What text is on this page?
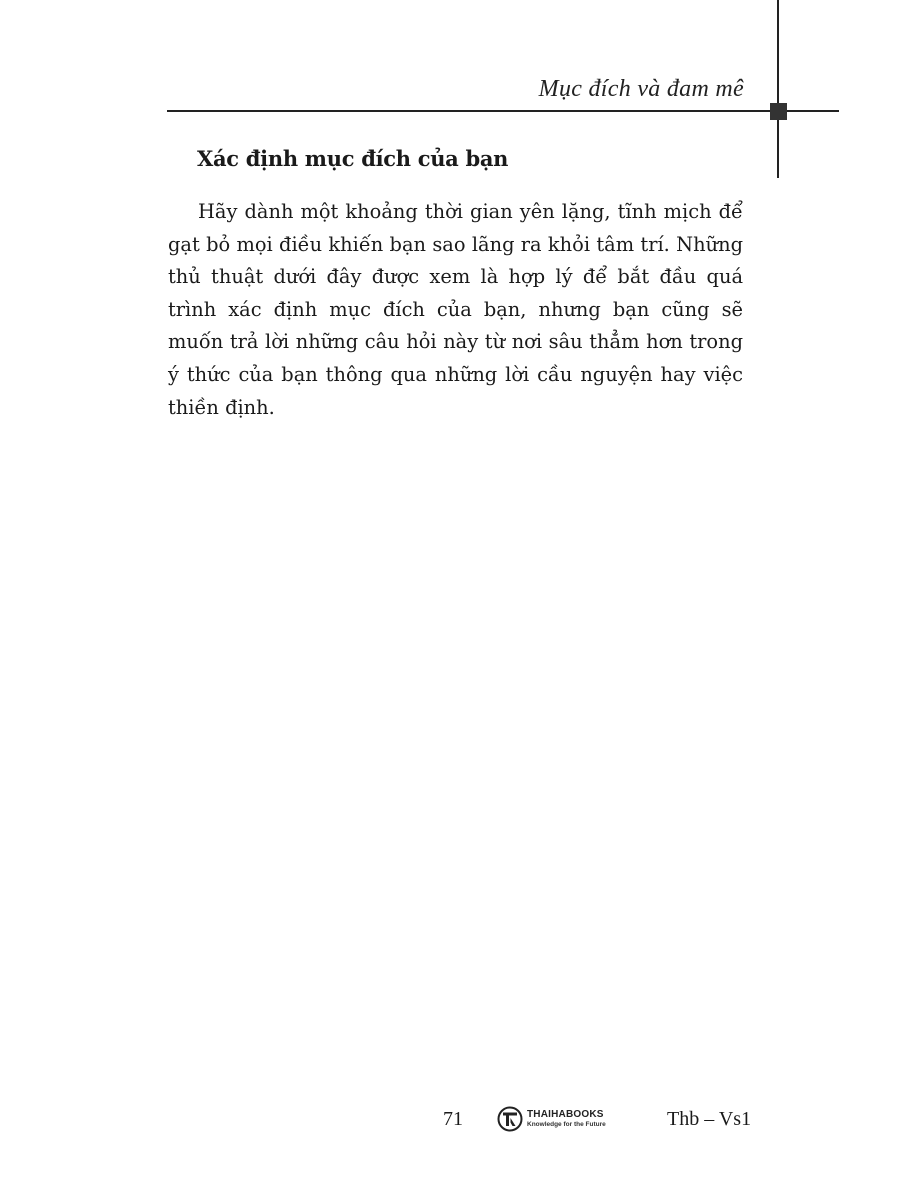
Mục đích và đam mê
Xác định mục đích của bạn

Hãy dành một khoảng thời gian yên lặng, tĩnh mịch để gạt bỏ mọi điều khiến bạn sao lãng ra khỏi tâm trí. Những thủ thuật dưới đây được xem là hợp lý để bắt đầu quá trình xác định mục đích của bạn, nhưng bạn cũng sẽ muốn trả lời những câu hỏi này từ nơi sâu thẳm hơn trong ý thức của bạn thông qua những lời cầu nguyện hay việc thiền định.

71	THAIHABOOKS
Knowledge for the Future	Thb – Vs1
